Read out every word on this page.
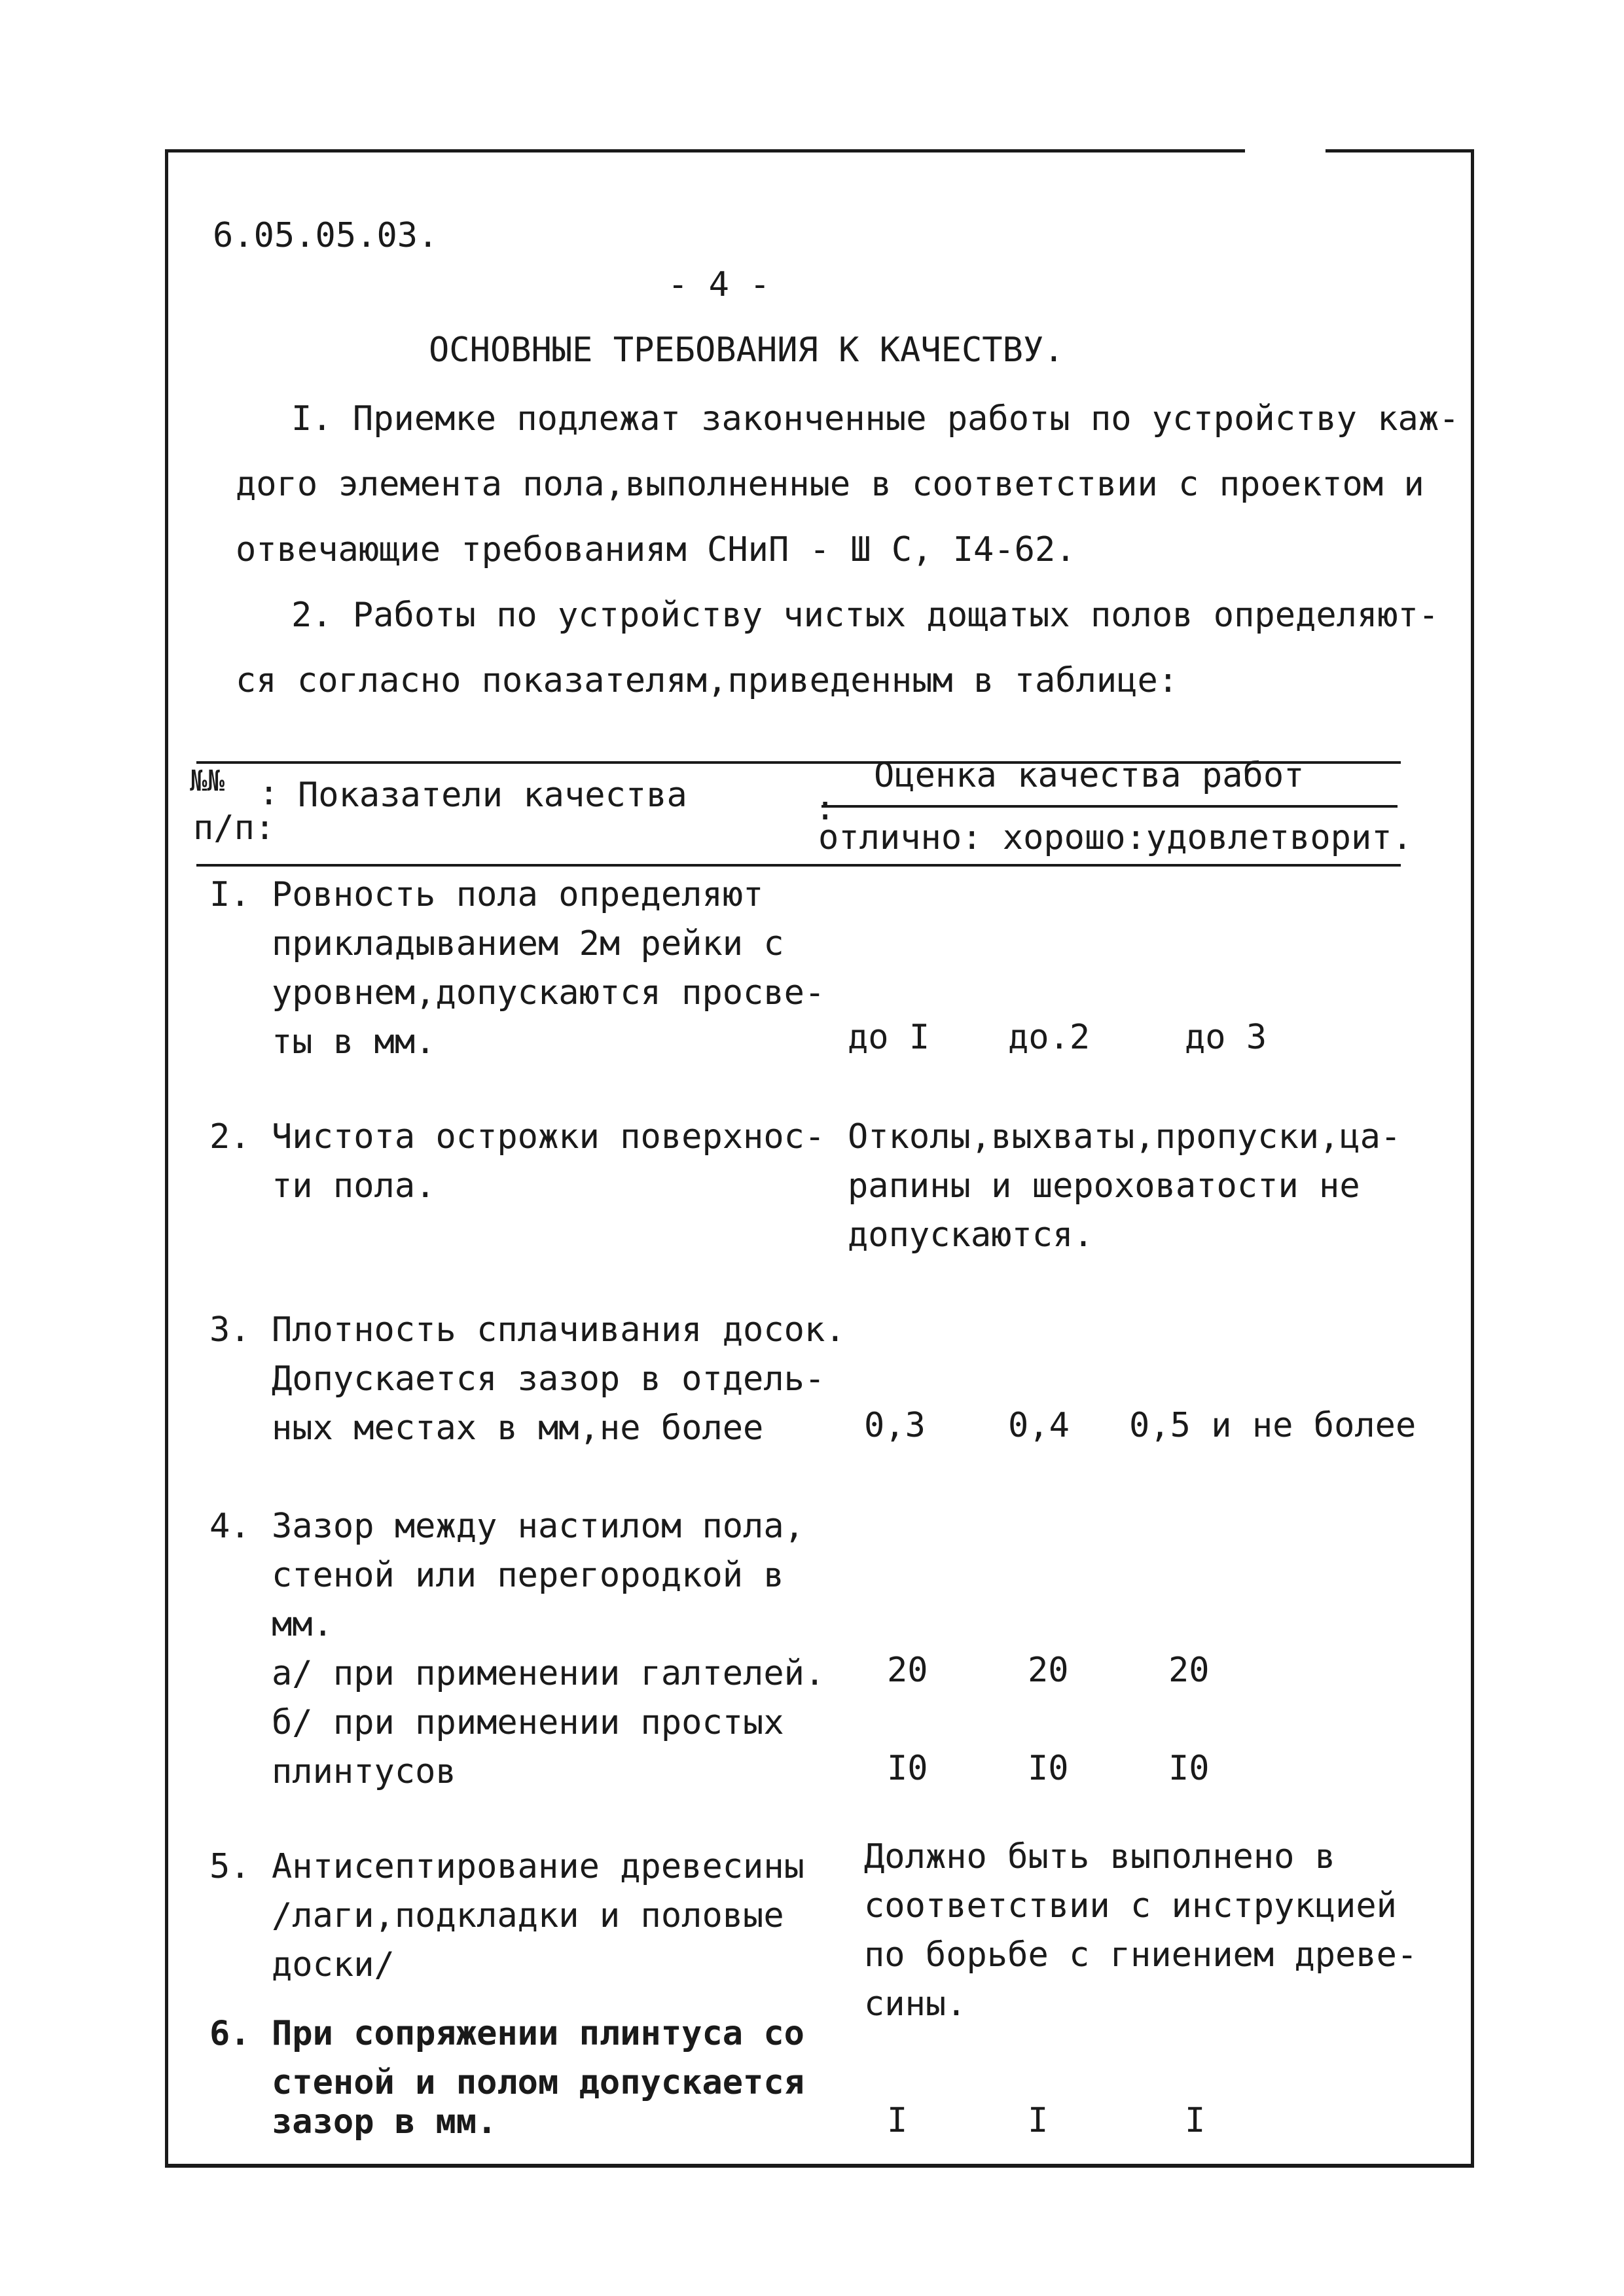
6.05.05.03.
- 4 -
ОСНОВНЫЕ ТРЕБОВАНИЯ К КАЧЕСТВУ.
I. Приемке подлежат законченные работы по устройству каж-
дого элемента пола,выполненные в соответствии с проектом и
отвечающие требованиям СНиП - Ш С, I4-62.
2. Работы по устройству чистых дощатых полов определяют-
ся согласно показателям,приведенным в таблице:
№№
п/п:
: Показатели качества	:
Оценка качества работ
отлично: хорошо:удовлетворит.
I. Ровность пола определяют
прикладыванием 2м рейки с
уровнем,допускаются просве-
ты в мм.	до I до.2	до 3
2. Чистота острожки поверхнос-
ти пола.
Отколы,выхваты,пропуски,ца-
рапины и шероховатости не
допускаются.
3. Плотность сплачивания досок.
Допускается зазор в отдель-
ных местах в мм,не более	0,3 0,4 0,5 и не более
4. Зазор между настилом пола,
стеной или перегородкой в
мм.
а/ при применении галтелей.
б/ при применении простых
плинтусов
20	20	20
I0	I0	I0
5. Антисептирование древесины
/лаги,подкладки и половые
доски/
Должно быть выполнено в
соответствии с инструкцией
по борьбе с гниением древе-
сины.
6. При сопряжении плинтуса со
стеной и полом допускается
зазор в мм.	I	I	I
